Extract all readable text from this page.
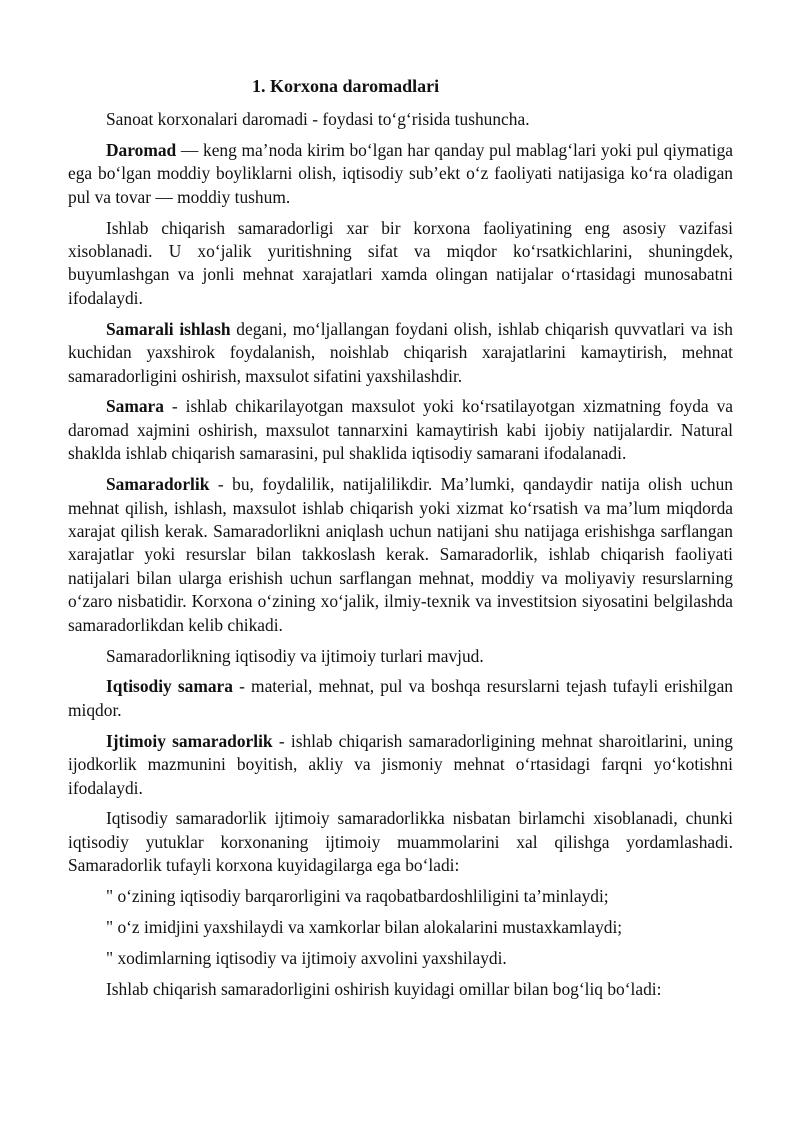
1. Korxona daromadlari

Sanoat korxonalari daromadi - foydasi to‘g‘risida tushuncha.

Daromad — keng ma’noda kirim bo‘lgan har qanday pul mablag‘lari yoki pul qiymatiga ega bo‘lgan moddiy boyliklarni olish, iqtisodiy sub’ekt o‘z faoliyati natijasiga ko‘ra oladigan pul va tovar — moddiy tushum.

Ishlab chiqarish samaradorligi xar bir korxona faoliyatining eng asosiy vazifasi xisoblanadi. U xo‘jalik yuritishning sifat va miqdor ko‘rsatkichlarini, shuningdek, buyumlashgan va jonli mehnat xarajatlari xamda olingan natijalar o‘rtasidagi munosabatni ifodalaydi.

Samarali ishlash degani, mo‘ljallangan foydani olish, ishlab chiqarish quvvatlari va ish kuchidan yaxshirok foydalanish, noishlab chiqarish xarajatlarini kamaytirish, mehnat samaradorligini oshirish, maxsulot sifatini yaxshilashdir.

Samara - ishlab chikarilayotgan maxsulot yoki ko‘rsatilayotgan xizmatning foyda va daromad xajmini oshirish, maxsulot tannarxini kamaytirish kabi ijobiy natijalardir. Natural shaklda ishlab chiqarish samarasini, pul shaklida iqtisodiy samarani ifodalanadi.

Samaradorlik - bu, foydalilik, natijalilikdir. Ma’lumki, qandaydir natija olish uchun mehnat qilish, ishlash, maxsulot ishlab chiqarish yoki xizmat ko‘rsatish va ma’lum miqdorda xarajat qilish kerak. Samaradorlikni aniqlash uchun natijani shu natijaga erishishga sarflangan xarajatlar yoki resurslar bilan takkoslash kerak. Samaradorlik, ishlab chiqarish faoliyati natijalari bilan ularga erishish uchun sarflangan mehnat, moddiy va moliyaviy resurslarning o‘zaro nisbatidir. Korxona o‘zining xo‘jalik, ilmiy-texnik va investitsion siyosatini belgilashda samaradorlikdan kelib chikadi.

Samaradorlikning iqtisodiy va ijtimoiy turlari mavjud.

Iqtisodiy samara - material, mehnat, pul va boshqa resurslarni tejash tufayli erishilgan miqdor.

Ijtimoiy samaradorlik - ishlab chiqarish samaradorligining mehnat sharoitlarini, uning ijodkorlik mazmunini boyitish, akliy va jismoniy mehnat o‘rtasidagi farqni yo‘kotishni ifodalaydi.

Iqtisodiy samaradorlik ijtimoiy samaradorlikka nisbatan birlamchi xisoblanadi, chunki iqtisodiy yutuklar korxonaning ijtimoiy muammolarini xal qilishga yordamlashadi. Samaradorlik tufayli korxona kuyidagilarga ega bo‘ladi:

" o‘zining iqtisodiy barqarorligini va raqobatbardoshliligini ta’minlaydi;

" o‘z imidjini yaxshilaydi va xamkorlar bilan alokalarini mustaxkamlaydi;

" xodimlarning iqtisodiy va ijtimoiy axvolini yaxshilaydi.

Ishlab chiqarish samaradorligini oshirish kuyidagi omillar bilan bog‘liq bo‘ladi:
